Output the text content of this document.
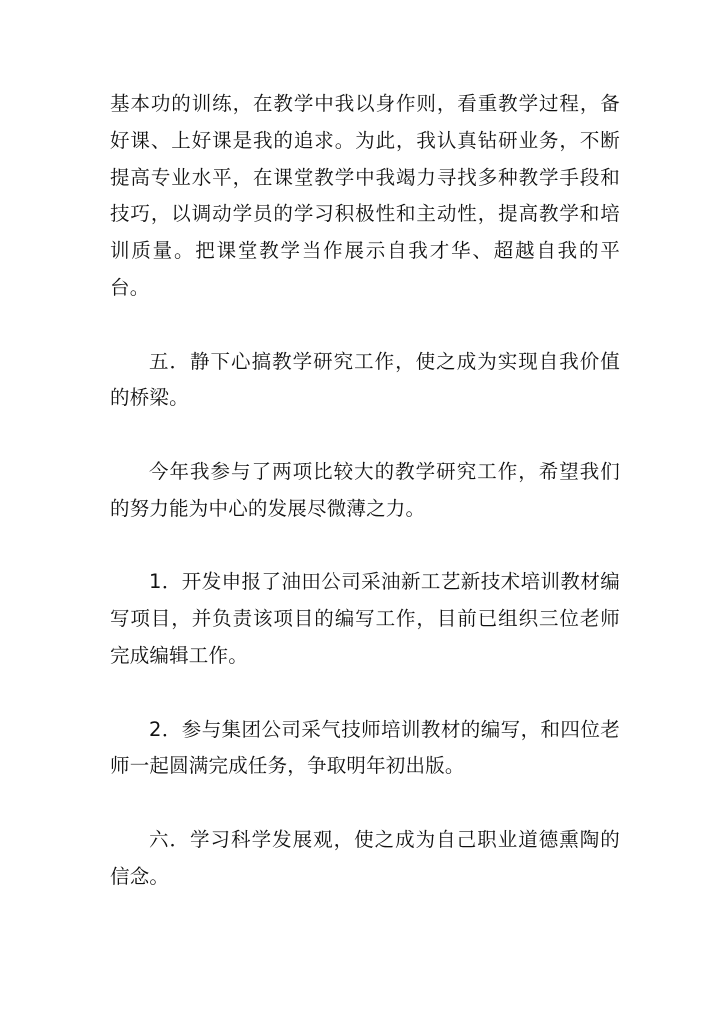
基本功的训练，在教学中我以身作则，看重教学过程，备好课、上好课是我的追求。为此，我认真钻研业务，不断提高专业水平，在课堂教学中我竭力寻找多种教学手段和技巧，以调动学员的学习积极性和主动性，提高教学和培训质量。把课堂教学当作展示自我才华、超越自我的平台。

五．静下心搞教学研究工作，使之成为实现自我价值的桥梁。

今年我参与了两项比较大的教学研究工作，希望我们的努力能为中心的发展尽微薄之力。

1．开发申报了油田公司采油新工艺新技术培训教材编写项目，并负责该项目的编写工作，目前已组织三位老师完成编辑工作。

2．参与集团公司采气技师培训教材的编写，和四位老师一起圆满完成任务，争取明年初出版。

六．学习科学发展观，使之成为自己职业道德熏陶的信念。
